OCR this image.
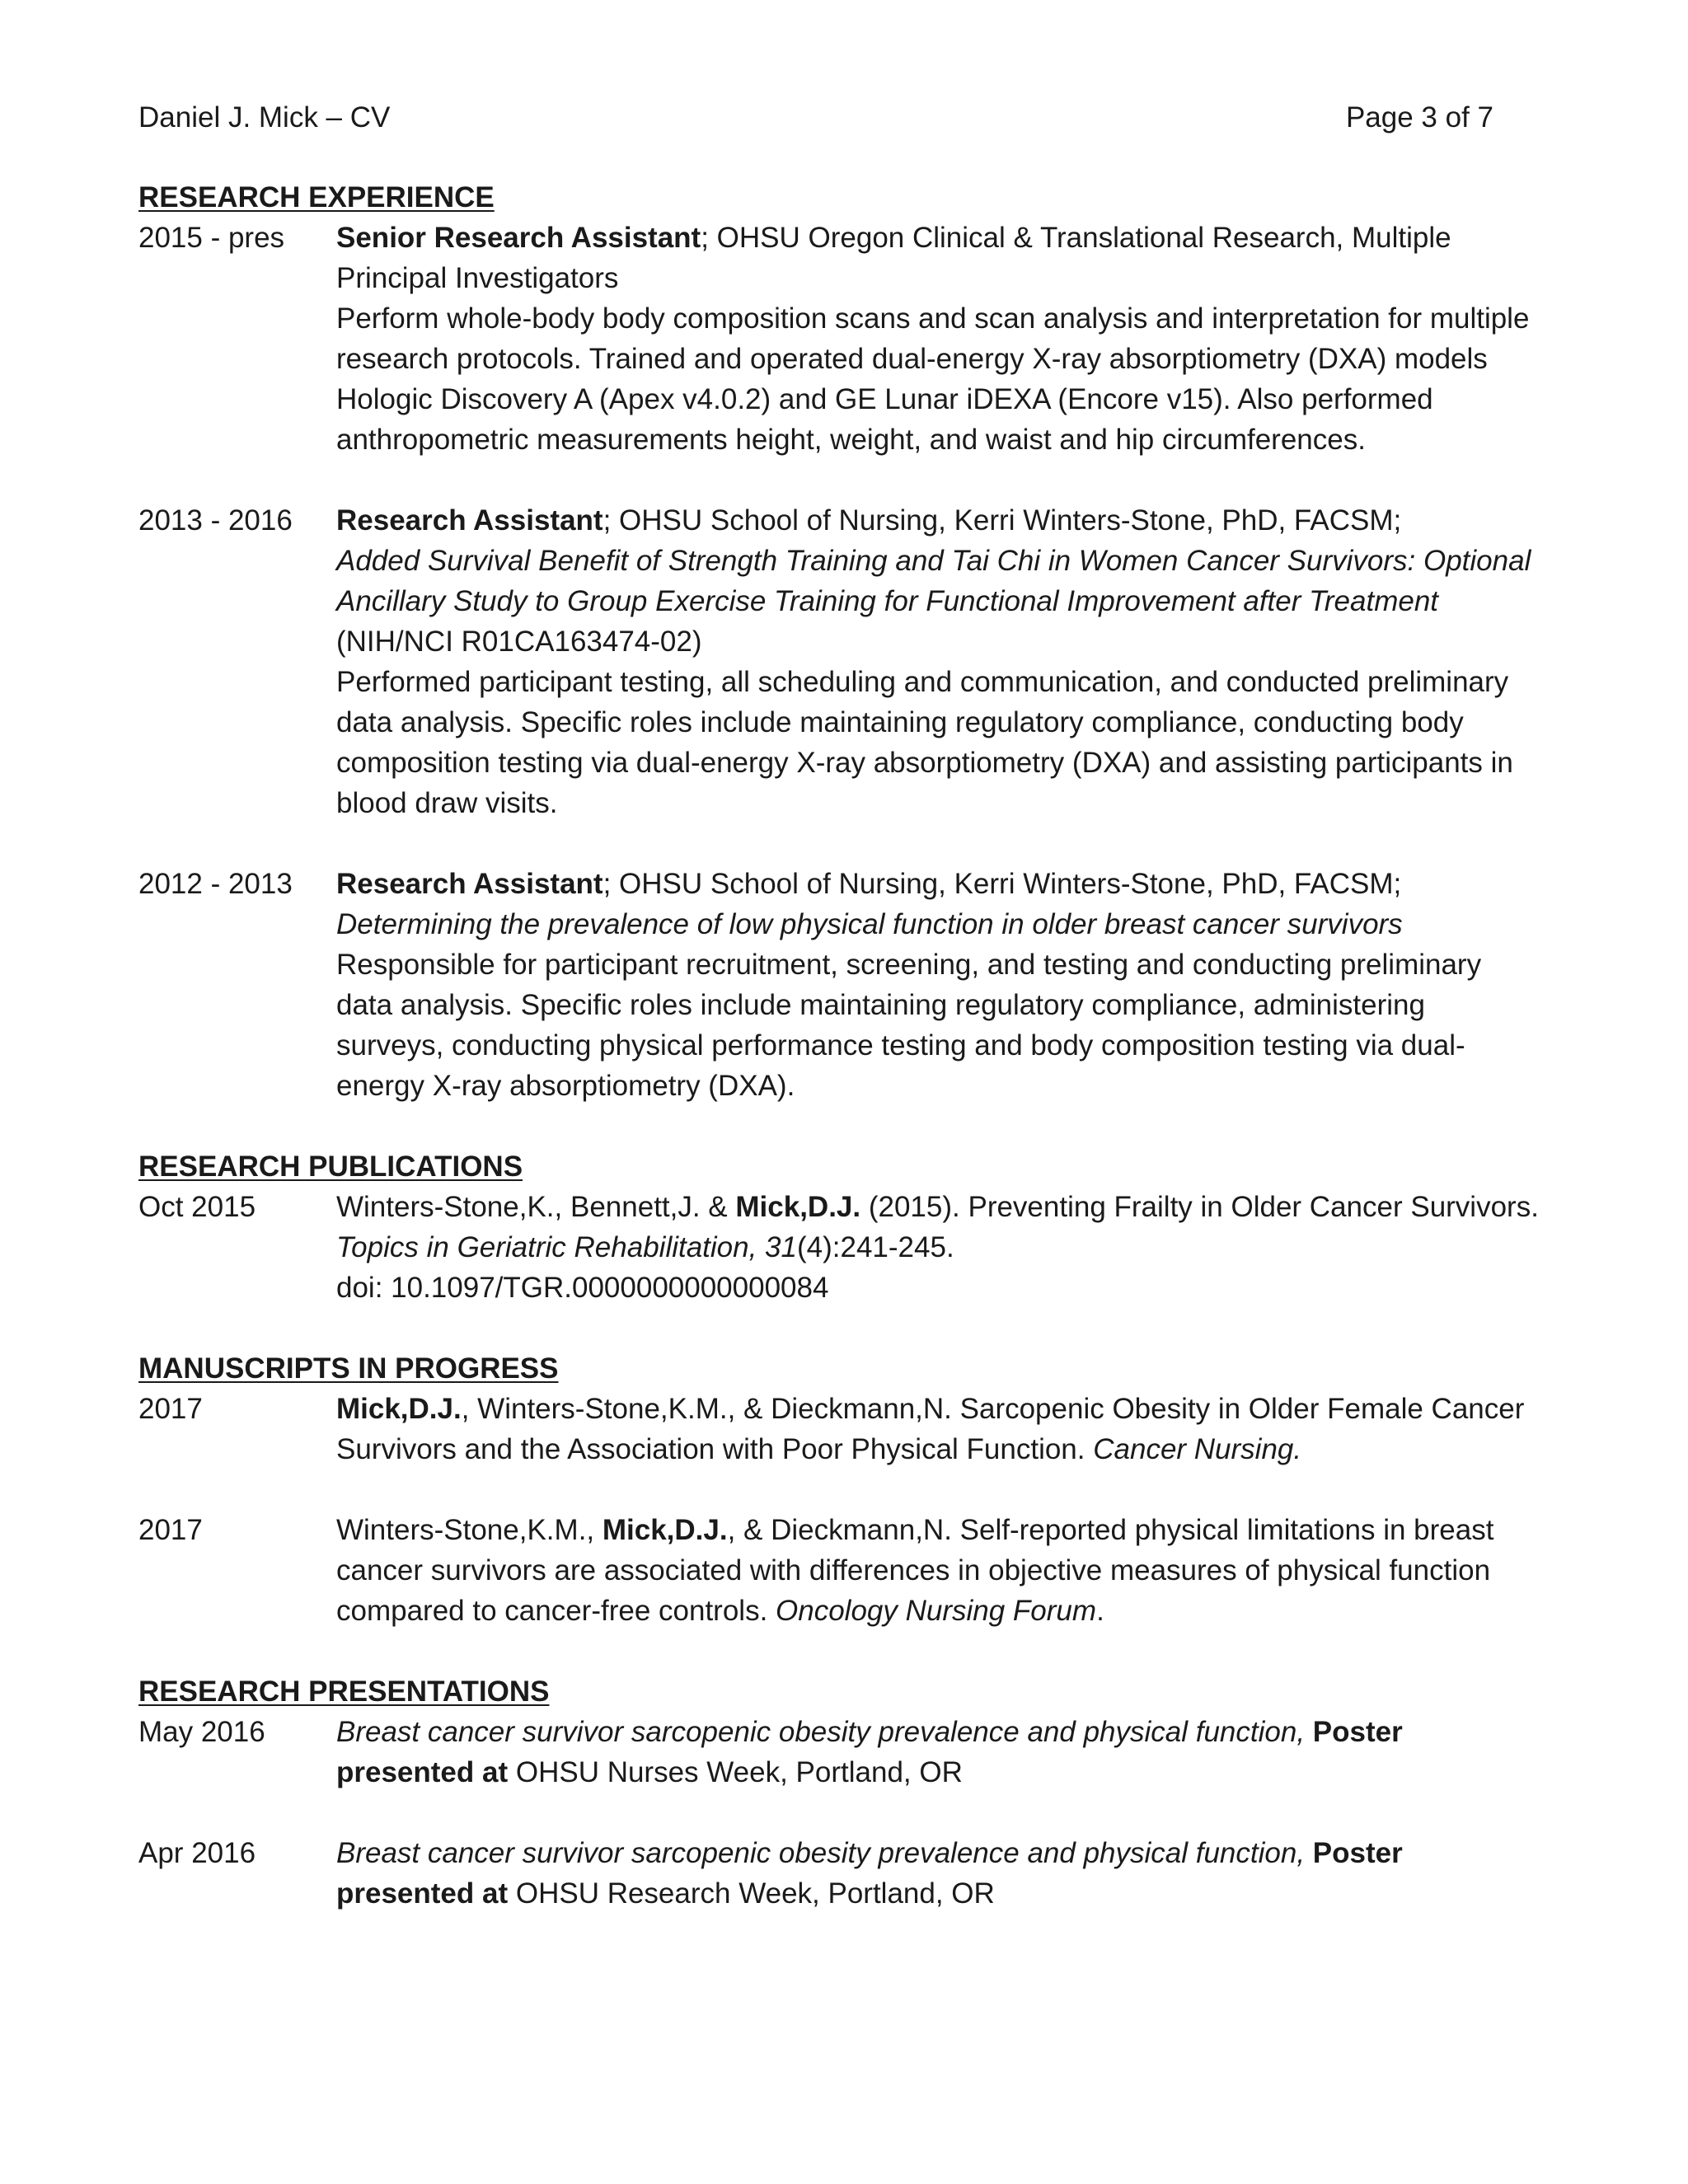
Daniel J. Mick – CV	Page 3 of 7
RESEARCH EXPERIENCE
2015 - pres	Senior Research Assistant; OHSU Oregon Clinical & Translational Research, Multiple Principal Investigators

Perform whole-body body composition scans and scan analysis and interpretation for multiple research protocols. Trained and operated dual-energy X-ray absorptiometry (DXA) models Hologic Discovery A (Apex v4.0.2) and GE Lunar iDEXA (Encore v15). Also performed anthropometric measurements height, weight, and waist and hip circumferences.

2013 - 2016	Research Assistant; OHSU School of Nursing, Kerri Winters-Stone, PhD, FACSM;

Added Survival Benefit of Strength Training and Tai Chi in Women Cancer Survivors: Optional Ancillary Study to Group Exercise Training for Functional Improvement after Treatment

(NIH/NCI R01CA163474-02)

Performed participant testing, all scheduling and communication, and conducted preliminary data analysis. Specific roles include maintaining regulatory compliance, conducting body composition testing via dual-energy X-ray absorptiometry (DXA) and assisting participants in blood draw visits.

2012 - 2013	Research Assistant; OHSU School of Nursing, Kerri Winters-Stone, PhD, FACSM;

Determining the prevalence of low physical function in older breast cancer survivors

Responsible for participant recruitment, screening, and testing and conducting preliminary data analysis. Specific roles include maintaining regulatory compliance, administering surveys, conducting physical performance testing and body composition testing via dual-energy X-ray absorptiometry (DXA).

RESEARCH PUBLICATIONS
Oct 2015	Winters-Stone,K., Bennett,J. & Mick,D.J. (2015). Preventing Frailty in Older Cancer Survivors. Topics in Geriatric Rehabilitation, 31(4):241-245.

doi: 10.1097/TGR.0000000000000084

MANUSCRIPTS IN PROGRESS
2017	Mick,D.J., Winters-Stone,K.M., & Dieckmann,N. Sarcopenic Obesity in Older Female Cancer Survivors and the Association with Poor Physical Function. Cancer Nursing.

2017	Winters-Stone,K.M., Mick,D.J., & Dieckmann,N. Self-reported physical limitations in breast cancer survivors are associated with differences in objective measures of physical function compared to cancer-free controls. Oncology Nursing Forum.

RESEARCH PRESENTATIONS
May 2016	Breast cancer survivor sarcopenic obesity prevalence and physical function, Poster presented at OHSU Nurses Week, Portland, OR

Apr 2016	Breast cancer survivor sarcopenic obesity prevalence and physical function, Poster presented at OHSU Research Week, Portland, OR
